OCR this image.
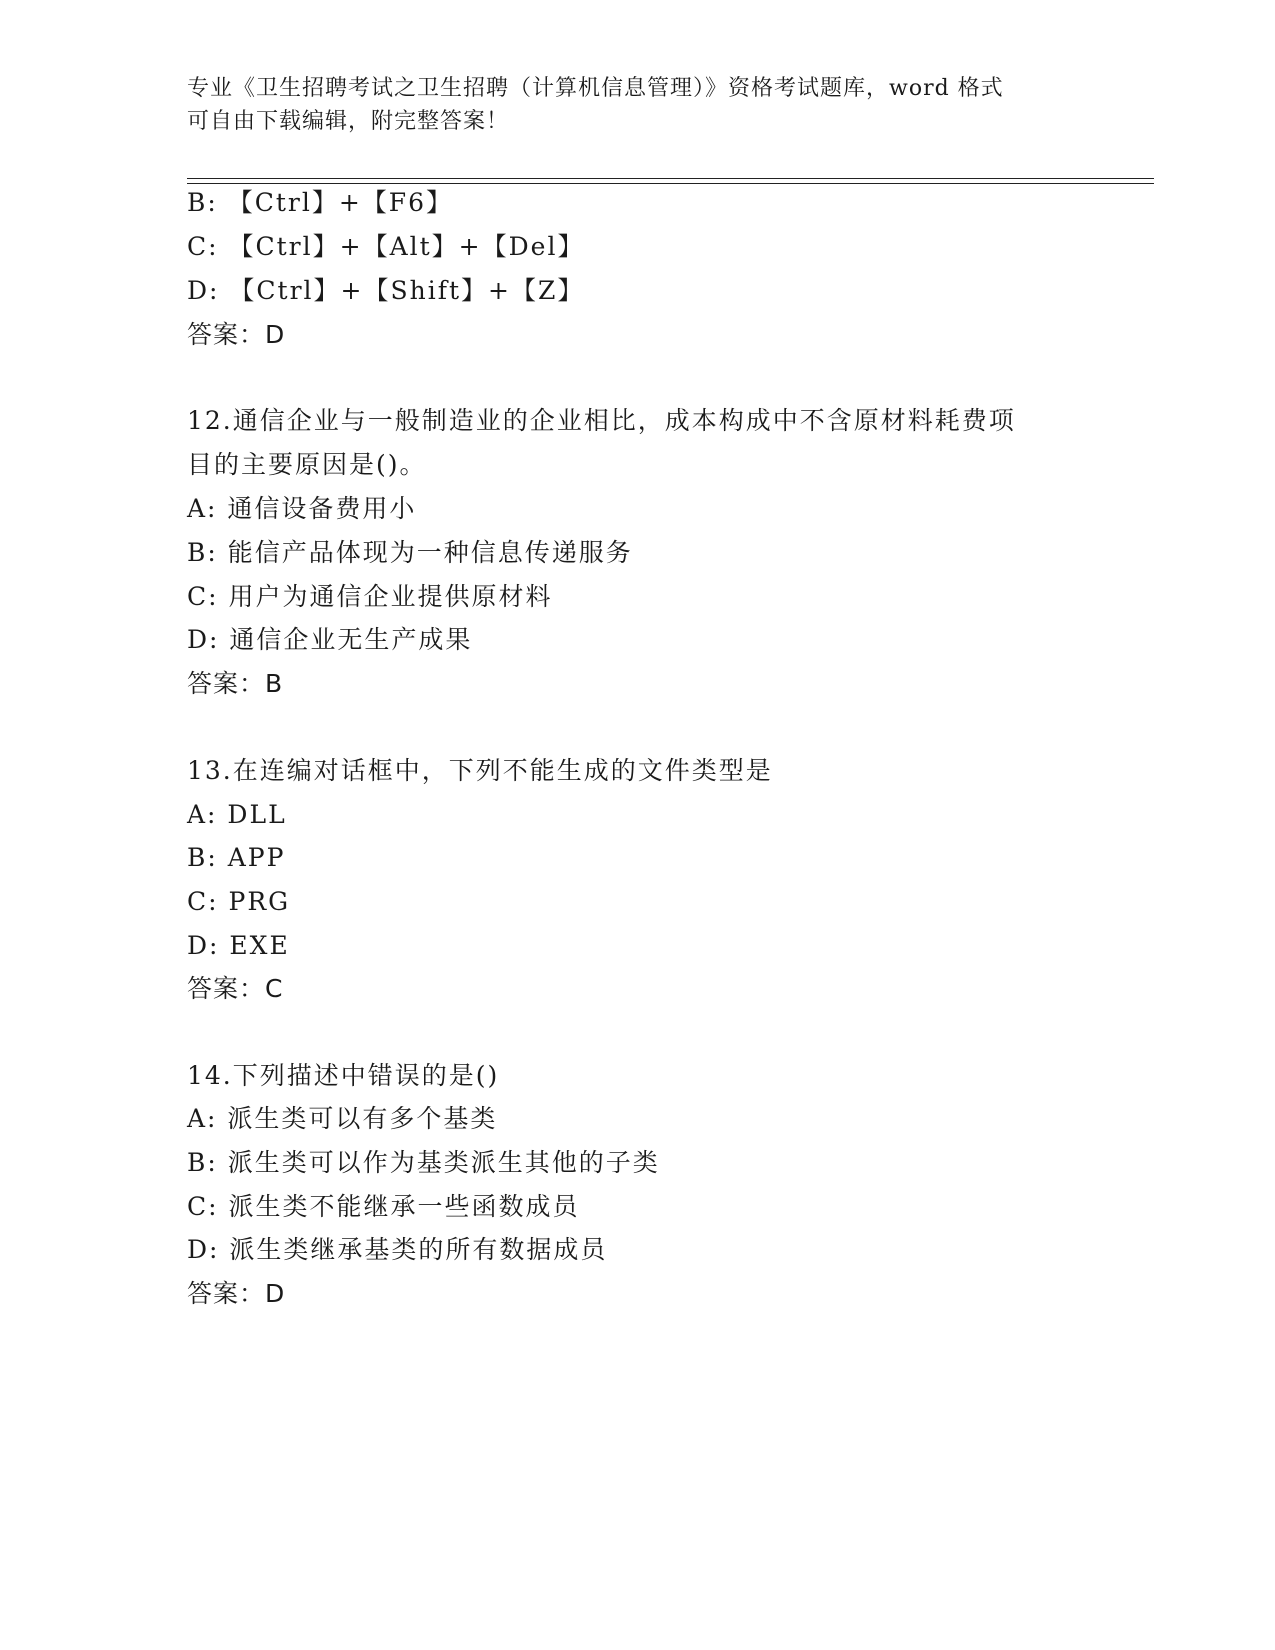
专业《卫生招聘考试之卫生招聘（计算机信息管理）》资格考试题库，word 格式
可自由下载编辑，附完整答案！
B: 【Ctrl】+【F6】
C: 【Ctrl】+【Alt】+【Del】
D: 【Ctrl】+【Shift】+【Z】
答案：D
12.通信企业与一般制造业的企业相比，成本构成中不含原材料耗费项
目的主要原因是()。
A: 通信设备费用小
B: 能信产品体现为一种信息传递服务
C: 用户为通信企业提供原材料
D: 通信企业无生产成果
答案：B
13.在连编对话框中，下列不能生成的文件类型是
A: DLL
B: APP
C: PRG
D: EXE
答案：C
14.下列描述中错误的是()
A: 派生类可以有多个基类
B: 派生类可以作为基类派生其他的子类
C: 派生类不能继承一些函数成员
D: 派生类继承基类的所有数据成员
答案：D
